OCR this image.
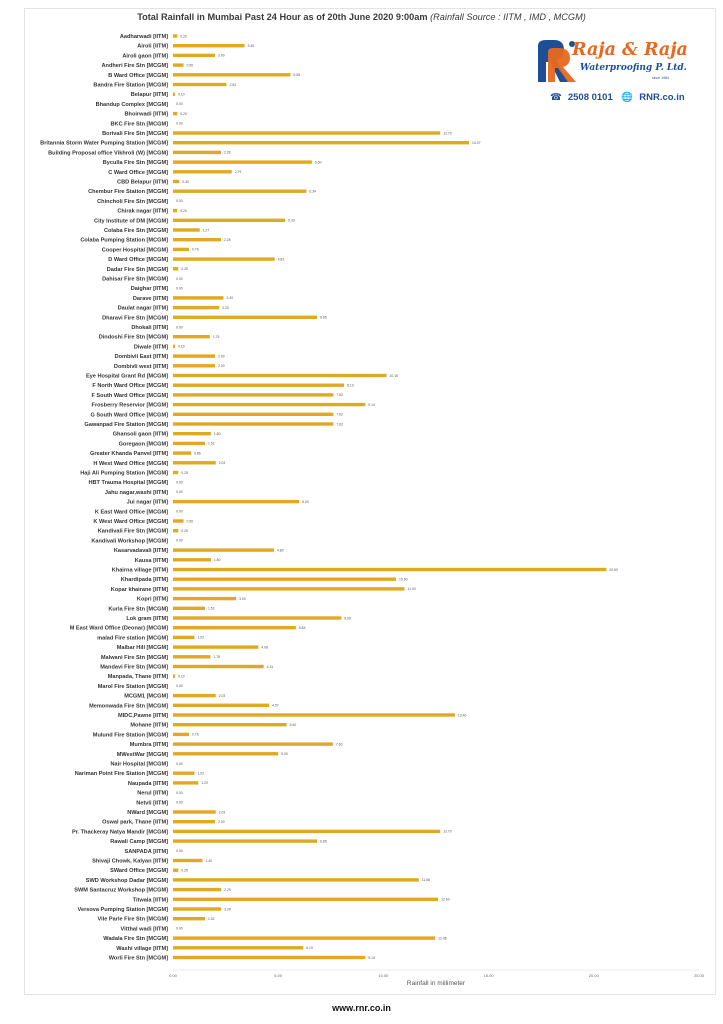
Total Rainfall in Mumbai Past 24 Hour as of 20th June 2020 9:00am (Rainfall Source : IITM , IMD , MCGM)
Aadharwadi [IITM]	0.20
Airoli [IITM]	3.40
Airoli gaon [IITM]	2.00
Andheri Fire Stn [MCGM]	0.50
B Ward Office [MCGM]	5.58
Bandra Fire Station [MCGM]	2.54
Belapur [IITM]	0.10
Bhandup Complex [MCGM] 0.00
Bhoirwadi [IITM]	0.20
BKC Fire Stn [MCGM] 0.00
Borivali Fire Stn [MCGM]	12.70
Britannia Storm Water Pumping Station [MCGM]	14.07
Building Proposal office Vikhroli (W) [MCGM]	2.28
Byculla Fire Stn [MCGM]	6.60
C Ward Office [MCGM]	2.79
CBD Belapur [IITM]	0.30
Chembur Fire Station [MCGM]	6.34
Chincholi Fire Stn [MCGM] 0.00
Chirak nagar [IITM]	0.20
City Institute of DM [MCGM]	5.33
Colaba Fire Stn [MCGM]	1.27
Colaba Pumping Station [MCGM]	2.28
Cooper Hospital [MCGM]	0.76
D Ward Office [MCGM]	4.83
Dadar Fire Stn [MCGM]	0.25
Dahisar Fire Stn [MCGM] 0.00
Daighar [IITM] 0.00
Darave [IITM]	2.40
Daulat nagar [IITM]	2.20
Dharavi Fire Stn [MCGM]	6.85
Dhokali [IITM] 0.00
Dindoshi Fire Stn [MCGM]	1.75
Diwale [IITM]	0.10
Dombivli East [IITM]	2.00
Dombivli west [IITM]	2.00
Eye Hospital Grant Rd [MCGM]	10.15
F North Ward Office [MCGM]	8.13
F South Ward Office [MCGM]	7.62
Frosberry Reservior [MCGM]	9.14
G South Ward Office [MCGM]	7.62
Gawanpad Fire Station [MCGM]	7.62
Ghansoli gaon [IITM]	1.80
Goregaon [MCGM]	1.52
Greater Khanda Panvel [IITM]	0.86
H West Ward Office [MCGM]	2.03
Haji Ali Pumping Station [MCGM]	0.25
HBT Trauma Hospital [MCGM] 0.00
Jahu nagar,washi [IITM] 0.00
Jui nagar [IITM]	6.00
K East Ward Office [MCGM] 0.00
K West Ward Office [MCGM]	0.50
Kandivali Fire Stn [MCGM]	0.25
Kandivali Workshop [MCGM] 0.00
Kasarvadavali [IITM]	4.80
Kausa [IITM]	1.80
Khairna village [IITM]	20.60
Khardipada [IITM]	10.60
Kopar khairane [IITM]	11.00
Kopri [IITM]	3.00
Kurla Fire Stn [MCGM]	1.52
Lok gram [IITM]	8.00
M East Ward Office (Deonar) [MCGM]	5.84
malad Fire station [MCGM]	1.02
Malbar Hill [MCGM]	4.06
Malwani Fire Stn [MCGM]	1.78
Mandavi Fire Stn [MCGM]	4.31
Manpada, Thane [IITM]	0.10
Marol Fire Station [MCGM] 0.00
MCGM1 [MCGM]	2.03
Memonwada Fire Stn [MCGM]	4.57
MIDC,Pawne [IITM]	13.40
Mohane [IITM]	5.40
Mulund Fire Station [MCGM]	0.76
Mumbra [IITM]	7.60
MWestWar [MCGM]	5.00
Nair Hospital [MCGM] 0.00
Nariman Point Fire Station [MCGM]	1.02
Naupada [IITM]	1.20
Nerul [IITM] 0.00
Netvli [IITM] 0.00
NWard [MCGM]	2.03
Oswal park, Thane [IITM]	2.00
Pr. Thackeray Natya Mandir [MCGM]	12.70
Rawali Camp [MCGM]	6.85
SANPADA [IITM] 0.00
Shivaji Chowk, Kalyan [IITM]	1.40
SWard Office [MCGM]	0.25
SWD Workshop Dadar [MCGM]	11.68
SWM Santacruz Workshop [MCGM]	2.29
Titwala [IITM]	12.60
Versova Pumping Station [MCGM]	2.29
Vile Parle Fire Stn [MCGM]	1.52
Vitthal wadi [IITM] 0.00
Wadala Fire Stn [MCGM]	12.46
Washi village [IITM]	6.19
Worli Fire Stn [MCGM]	9.14
0.00	5.00	10.00	15.00	20.00	25.00
Rainfall in millimeter
Raja & Raja
Waterproofing P. Ltd.
since 1984
☎ 2508 0101 🌐 RNR.co.in
www.rnr.co.in
